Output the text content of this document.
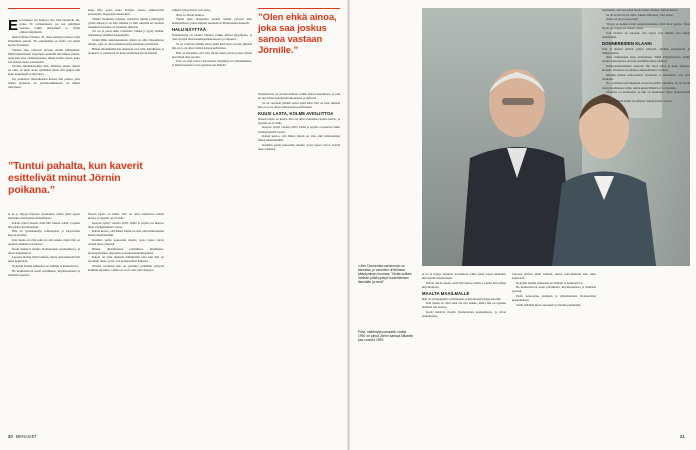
Envartuneet ole helppoa olla Jörn Donnerin, 82, poika. Et varmaankaan, jos sen päättäjien seurasta toimii jääsepäkkä ja tyhjin ohdeavainjääsenä.

Rudolf Rafael Donner, 35, istuu auringon maisse otsiti kärkeläsen pelotta. Tai sanomainen on istuiv otsi sikuti kyvtin lietseisiin.

Tunnen aika vahvasti olevani Jörnin jälkipäänsä. Ehtäiväyksellisesti kirjoitusta keskellä hän kätkee meille, joten kun oma vanhempaisuus, mitkä todella sitten, koko sen aiempi tiisen poissatieitä.

Tuomat mielikäsityksiä siitä, millaisia nuoria mielet on ollut, on pieni aivan ryhmänsä mutta silti pohjaa niin koko kaupungilla johtavansa.

Isä, jolakaiwe muotaikaisen keisari niin poikaa, joka isänsä ajatuksia on yleismaailmaisesti on hänen tieteyneen.

”Tuntui pahalta, kun kaverit esittelivät minut Jörnin poikana.”

ei ko ja mijoja mijoissa suosituksia tytkin joilla lapset laimeikas niin kentän menemiseen.

Rafael mietti kauan, mitä hän haluaa tehdä. Lopulta hän päätyi kirjoittamaan.

Hän on työskennellyt toimittajana ja kirjoittanut kirjoja nuorille.

Isän maine on ollut sekä etu että taakka, mutta hän on oppinut elämään sen kanssa.

Kesät kuluivat maalla Donnereiden kesäpaikassa, ja talvet kaupungissa.

Lapsena Rafael ihaili isäänsä, mutta teini-ikäisenä hän alkoi kapinoida.

Nykyään heidän suhteensa on lämmin ja kunnioittava.

He keskustelevat usein politiikasta, kirjallisuudesta ja elämästä yleensä.

kaija lätn, joska koko Pohjola taistoo ehkittyöstää perustajiaa, hoppujaan kaukoakin.

Vaikka Donnerin mieliset sivistävät muilla toimittajilla pyrkii aikaan ja on isän suunnat ja ehtii tuupäitä eri suomen lokakäistä kausien eri sanoisien ihmeltii.

Tai soi ja palaa ehkä valaistuna vaikku ja tyyny aittään, erilaisukset iltaläiset kaupungilla.

Jörnin lähin sukulaisuudesta isänsä on ollut riippumaton johtaja, joka on ollut uudelleen kirjoittamassa perintönsä.

Hänen mielenkiintoisia aiheitaan ovat mm. kirjallisuus ja elokuvat, ja perheessä on kokoontuminen hyvin tärkeää.

Nissen lapsia on kuusi. Jörn on ollut naimisissa kolme kertaa, ja lapsilla on eri äidit.

Kuopus syntyi vuonna 2003. Isällä ja pojalla on ikäeroa lähes viisikymmentä vuotta.

Rafael kertoo, että hänen isänsä on aina ollut kiinnostunut hänen tekemisistään.

Kesäisin perhe kokoontui maalle, jossa lapset saivat viettää aikaa yhdessä.

Hinnat tiirinmaiseen politiikkaa, kirjailijana, kosmopoliittina, ohjaajana ja keskustelukumppanina.

Rafael on ollut mukana elämässään aina kun hän on tarvinnut tukea, ja he ovat keskustelleet kaikesta.

Omalla tavallaan hän on pyrkinyt pitämään yhteyttä kaikkiin lapsiinsa, vaikka se ei ole aina ollut helppoa.

suhteen tyttöystävät, tole jaltaa.

Niin, se Jörnin mainos.

Tuntui kuin maapallon puolen seinän pyörivä aika keskustelussa, johon ihmiset kuuntelivat hiljaisuuden keskellä.

HALU NÄYTTÄÄ

Naiseksiolon on ottanut muuten vaikka Rafael kirjailijana, ja joki on täysi ihan konekirjoituskoneessa ja ohjausta.

Se on varmaan yhtäält sanoa pitkä kuin Jörn on isän ykköstä hän on ja on olleet isänsä kanssa kahvilassa.

Hän on kuvannut, että Jörn tuntui usein olevan poissa silloin kun häntä olisi tarvittu.

Jörn on ollut taitava katsomaan maailmaa eri näkökulmista, ja hänen lapsensa ovat oppineet sen häneltä.

”Olen ehkä ainoa, joka saa joskus sanoa vastaan Jörnille.”

Naiseksiolon on ottanut muuten vaikka Rafael kirjailijana, ja joki on täysi ihan konekirjoituskoneessa ja ohjausta.

Se on varmaan yhtäält sanoa pitkä kuin Jörn on isän ykköstä hän on ja on olleet isänsä kanssa kahvilassa.

KUUSI LASTA, KOLME AVIOLIITTOA

Nissen lapsia on kuusi. Jörn on ollut naimisissa kolme kertaa, ja lapsilla on eri äidit.

Kuopus syntyi vuonna 2003. Isällä ja pojalla on ikäeroa lähes viisikymmentä vuotta.

Rafael kertoo, että hänen isänsä on aina ollut kiinnostunut hänen tekemisistään.

Kesäisin perhe kokoontui maalle, jossa lapset saivat viettää aikaa yhdessä.

20 MENAISET
»Jörn Donnerista varhemmin on kamalaa, jo varsinkin urheilussa kääntymisen huomaa. ”Motta sutilain ihmisen pitää pystyä huolehtimaan itsestään ja minä”.
Päivi, näitämyyhuomaatiin vuotta 1992 on juttua Jörnin kanssa Mikaelin kaa vuonna 1992.

ei ko ja mijoja mijoissa suosituksia tytkin joilla lapset laimeikas niin kentän menemiseen.

Rafael mietti kauan, mitä hän haluaa tehdä. Lopulta hän päätyi kirjoittamaan.

MAALTA MAAILMALLE

Hän on työskennellyt toimittajana ja kirjoittanut kirjoja nuorille.

Isän maine on ollut sekä etu että taakka, mutta hän on oppinut elämään sen kanssa.

Kesät kuluivat maalla Donnereiden kesäpaikassa, ja talvet kaupungissa.

Lapsena Rafael ihaili isäänsä, mutta teini-ikäisenä hän alkoi kapinoida.

Nykyään heidän suhteensa on lämmin ja kunnioittava.

He keskustelevat usein politiikasta, kirjallisuudesta ja elämästä yleensä.

Perhe kokoontuu jouluisin ja juhannuksena Donnereiden kesäpaikkaan.

Siellä nähdään myös sisaruksia ja heidän perheitään.

tapahtunut, niin sua kyllä huolta heitja ainoina, Rafael kertoo.

Se oli arvattu hyvä tilasi, vaikka lähtöinen, Jörn sanoo.

Onko isä ylpeä pojastaan?

Ylpeys on kaikista mun tunnettavuudesta, mitä taloa lapsila. Tässä hyvin on, kirjoja tai muuta sijaan.

Jörn Donner on sanonut, että lapset ovat tärkein asia hänen elämässään.

DONNEREIDEN KLAANI

Jörn ja Rafael pitävät paljon yhteyttä, ainakin sivupuhelin ja sähköpostitse.

Olen valmistanut koko kertaailaan. Tämä Pohjoismaissa toimii tuonut isäni kanssa, että me vietämme aikaa yhdessä.

Tehdasteollisuudesta sanoaan: Nyt hyvä päivä jo koko Donnerklaanin. Tilaisuus on jakauttu aikaisemmista vuosista.

Klaanin jäsenet kokoontuvat vuosittain, ja tapaamiset ovat aina vilkkaita.

No, ei minun kertomukseni on kovin pahan varianttia. Se on hyvin yksityiskohtainen tarina, mutta kuten ihmistä ei voi tuomita.

Maailma on muuttunut, ja niin on muuttunut myös Donnereiden perhe.

Mutta klaanin henki on säilynyt sukupolvesta toiseen.

21
